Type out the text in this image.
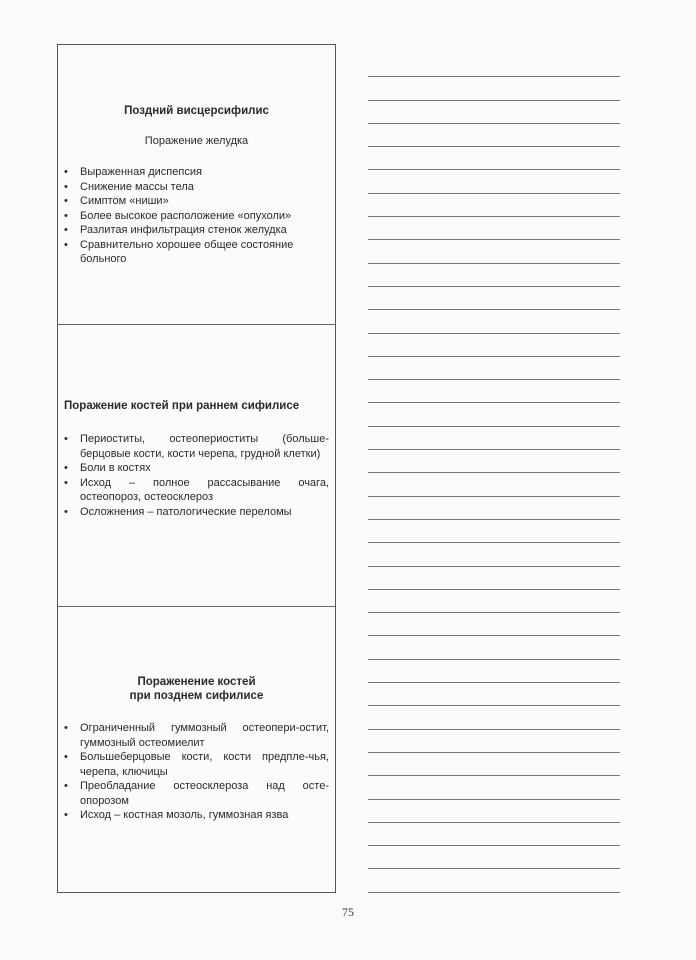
Поздний висцерсифилис

Поражение желудка

• Выраженная диспепсия
• Снижение массы тела
• Симптом «ниши»
• Более высокое расположение «опухоли»
• Разлитая инфильтрация стенок желудка
• Сравнительно хорошее общее состояние больного

Поражение костей при раннем сифилисе

• Периоститы, остеопериоститы (больше-берцовые кости, кости черепа, грудной клетки)
• Боли в костях
• Исход – полное рассасывание очага, остеопороз, остеосклероз
• Осложнения – патологические переломы

Пораженение костей
при позднем сифилисе

• Ограниченный гуммозный остеопери-остит, гуммозный остеомиелит
• Большеберцовые кости, кости предпле-чья, черепа, ключицы
• Преобладание остеосклероза над осте-опорозом
• Исход – костная мозоль, гуммозная язва
75
